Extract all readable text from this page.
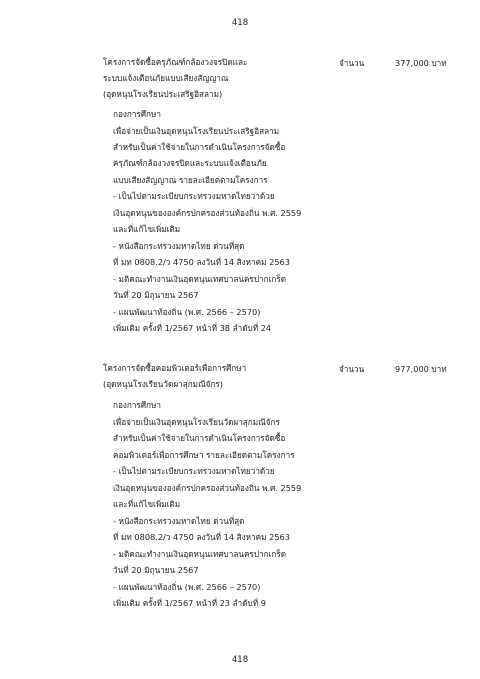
418
โครงการจัดซื้อครุภัณฑ์กล้องวงจรปิดและ
ระบบแจ้งเตือนภัยแบบเสียงสัญญาณ
(อุดหนุนโรงเรียนประเสริฐอิสลาม)
จำนวน	377,000 บาท
กองการศึกษา
เพื่อจ่ายเป็นเงินอุดหนุนโรงเรียนประเสริฐอิสลาม
สำหรับเป็นค่าใช้จ่ายในการดำเนินโครงการจัดซื้อ
ครุภัณฑ์กล้องวงจรปิดและระบบแจ้งเตือนภัย
แบบเสียงสัญญาณ รายละเอียดตามโครงการ
- เป็นไปตามระเบียบกระทรวงมหาดไทยว่าด้วย
เงินอุดหนุนขององค์กรปกครองส่วนท้องถิ่น พ.ศ. 2559
และที่แก้ไขเพิ่มเติม
- หนังสือกระทรวงมหาดไทย ด่วนที่สุด
ที่ มท 0808.2/ว 4750 ลงวันที่ 14 สิงหาคม 2563
- มติคณะทำงานเงินอุดหนุนเทศบาลนครปากเกร็ด
วันที่ 20 มิถุนายน 2567
- แผนพัฒนาท้องถิ่น (พ.ศ. 2566 – 2570)
เพิ่มเติม ครั้งที่ 1/2567 หน้าที่ 38 ลำดับที่ 24
โครงการจัดซื้อคอมพิวเตอร์เพื่อการศึกษา
(อุดหนุนโรงเรียนวัดผาสุกมณีจักร)
จำนวน	977,000 บาท
กองการศึกษา
เพื่อจ่ายเป็นเงินอุดหนุนโรงเรียนวัดผาสุกมณีจักร
สำหรับเป็นค่าใช้จ่ายในการดำเนินโครงการจัดซื้อ
คอมพิวเตอร์เพื่อการศึกษา รายละเอียดตามโครงการ
- เป็นไปตามระเบียบกระทรวงมหาดไทยว่าด้วย
เงินอุดหนุนขององค์กรปกครองส่วนท้องถิ่น พ.ศ. 2559
และที่แก้ไขเพิ่มเติม
- หนังสือกระทรวงมหาดไทย ด่วนที่สุด
ที่ มท 0808.2/ว 4750 ลงวันที่ 14 สิงหาคม 2563
- มติคณะทำงานเงินอุดหนุนเทศบาลนครปากเกร็ด
วันที่ 20 มิถุนายน 2567
- แผนพัฒนาท้องถิ่น (พ.ศ. 2566 – 2570)
เพิ่มเติม ครั้งที่ 1/2567 หน้าที่ 23 ลำดับที่ 9
418
